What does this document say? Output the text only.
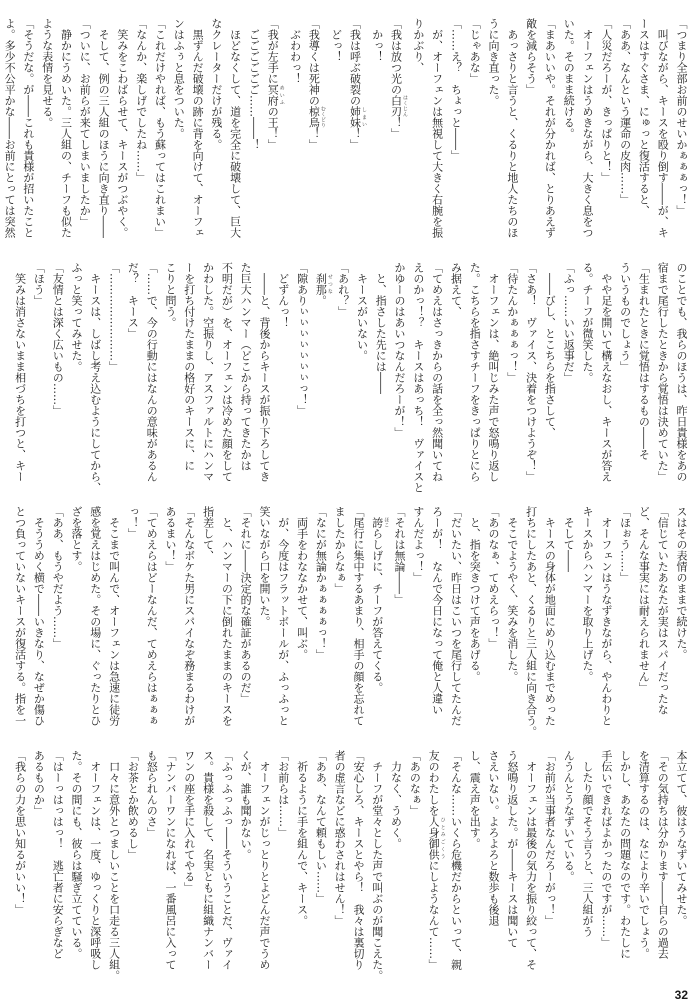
「つまり全部お前のせいかぁぁぁっ！」

　叫びながら、キースを殴り倒す――が、キ

ースはすぐさま、にゅっと復活すると、

「ああ、なんという運命の皮肉……」

「人災だろーが、きっぱりと！」

　オーフェンはうめきながら、大きく息をつ

いた。そのまま続ける。

「まあいいや。それが分かれば、とりあえず

敵を減らそう」

　あっさりと言うと、くるりと地人たちのほ

うに向き直った。

「じゃあな」

「……え？　ちょっと――」

　が、オーフェンは無視して大きく右腕を振

りかぶり、

「我は放つ光の白刃 はくじん！」

　かっ！

「我は呼ぶ破裂の姉妹 しまい！」

　どっ！

「我導くは死神の椋鳥 むくどり！」

　ぶわわっ！

「我が左手に冥府 めいふの王！」

　ごごごごごご……――！

　ほどなくして、道を完全に破壊して、巨大

なクレーターだけが残る。

　黒ずんだ破壊の跡に背を向けて、オーフェ

ンはふぅと息をついた。

「これだけやれば、もう蘇ってはこれまい」

「なんか、楽しげでしたね……」

　笑みをこわばらせて、キースがつぶやく。

　そして、例の三人組のほうに向き直り――

「ついに、お前らが来てしまいましたか」

　静かにうめいた。三人組の、チーフも似た

ような表情を見せる。

「そうだな。が――これも貴様が招いたこと

よ。多少不公平かな――お前にとっては突然

のことでも、我らのほうは、昨日貴様をあの

宿まで尾行したときから覚悟は決めていた」

「生まれたときに覚悟はするもの――そ

ういうものでしょう」

　やや足を開いて構えなおし、キースが答え

る。チーフが微笑した。

「ふっ……いい返事だ」

　――びし、とこちらを指さして、

「さあ！　ヴァイス、決着をつけようぞ！」

「待たんかぁぁぁっ！」

　オーフェンは、絶叫じみた声で怒鳴り返し

た。こちらを指さすチーフをきっぱりとにら

み据えて、

「てめえはさっきからの話を全っ然聞いてね

えのかっ！？　キースはあっち！　ヴァイスと

かゆーのはあいつなんだろーが！」

　と、指さした先には――

　キースがいない。

「あれ？」

　刹那 せつな。

「隙ありぃぃぃぃぃぃぃっ！」

　どずんっ！

　――と、背後からキースが振り下ろしてき

た巨大ハンマー（どこから持ってきたかは

不明だが）を、オーフェンは冷めた顔をして

かわした。空振りし、アスファルトにハンマ

ーを打ち付けたままの格好のキースに、に

こりと問う。

「……で、今の行動にはなんの意味があるん

だ？　キース」

「……………………」

　キースは、しばし考え込むようにしてから、

ふっと笑ってみせた。

「友情とは深く広いもの……」

「ほう」

　笑みは消さないまま相づちを打つと、キー

スはその表情のままで続けた。

「信じていたあなたが実はスパイだったな

ど、そんな事実には耐えられません」

「ほぉう……」

　オーフェンはうなずきながら、やんわりと

キースからハンマーを取り上げた。

　そして――

　キースの身体が地面にめり込むまでめった

打ちにしたあと、くるりと三人組に向き合う。

　そこでようやく、笑みを消した。

「あのなぁ、てめえらっ！」

　と、指を突きつけて声をあげる。

「だいたい、昨日はこいつを尾行してたんだ

ろーが！　なんで今日になって俺と人違い

すんだよっ！」

「それは無論――」

　誇 ほこらしげに、チーフが答えてくる。

「尾行に集中するあまり、相手の顔を忘れて

ましたからなぁ」

「なにが無論かぁぁぁぁっ！」

　両手をわななかせて、叫ぶ。

　が、今度はフラットボールが、ふっふっと

笑いながら口を開いた。

「それに――決定的な確証があるのだ」

　と、ハンマーの下に倒れたままのキースを

指差して、

「そんなボケた男にスパイなぞ務まるわけが

あるまい！」

「てめえらはどーなんだ、てめえらはぁぁぁ

っ！」

　そこまで叫んで、オーフェンは急速に徒労

感を覚えはじめた。その場に、ぐったりとひ

ざを落とす。

「ああ、もうやだよう……」

　そううめく横で――いきなり、なぜか傷ひ

とつ負っていないキースが復活する。指を一

本立てて、彼はうなずいてみせた。

「その気持ちは分かります――自らの過去

を清算するのは、なにより辛いでしょう。

しかし、あなたの問題なのです。わたしに

手伝いできればよかったのですが……」

　したり顔でそう言うと、三人組がう

んうんとうなずいている。

「お前が当事者なんだろーがっ！」

　オーフェンは最後の気力を振り絞って、そ

う怒鳴り返した。が――キースは聞いて

さえいない。よろよろと数歩も後退

し、震え声を出す。

「そんな……いくら危機だからといって、親

友のわたしを人身御供 ひとみごくうにしようなんて……」

「あのなぁ」

　力なく、うめく。

　チーフが堂々とした声で叫ぶのが聞こえた。

「安心しろ、キースとやら！　我々は裏切り

者の虚言などに惑わされはせん！」

「ああ、なんて頼もしい……」

　祈るように手を組んで、キース。

「お前らは……」

　オーフェンがじっとりとよどんだ声でうめ

くが、誰も聞かない。

「ふっふっふっ――そういうことだ、ヴァイ

ス。貴様を殺して、名実ともに組織ナンバー

ワンの座を手に入れてやる」

「ナンバーワンになれば、一番風呂に入って

も怒られんのさ」

「お茶とか飲めるし」

　口々に意外とつましいことを口走る三人組。

　オーフェンは、一度、ゆっくりと深呼吸し

た。その間にも、彼らは騒ぎ立てている。

「はーっはっはっ！　逃亡者に安らぎなど

あるものか」

「我らの力を思い知るがいい！」

32
